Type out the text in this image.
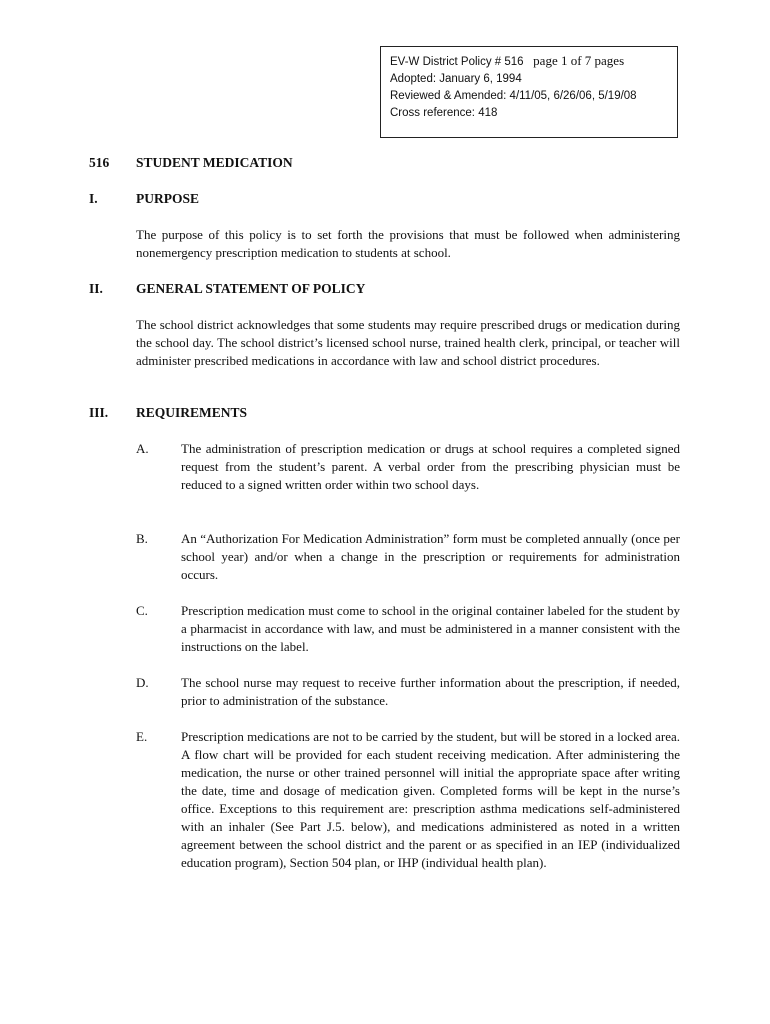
EV-W District Policy # 516 page 1 of 7 pages
Adopted: January 6, 1994
Reviewed & Amended: 4/11/05, 6/26/06, 5/19/08
Cross reference: 418
516 STUDENT MEDICATION
I.	PURPOSE
The purpose of this policy is to set forth the provisions that must be followed when administering nonemergency prescription medication to students at school.
II. GENERAL STATEMENT OF POLICY
The school district acknowledges that some students may require prescribed drugs or medication during the school day. The school district’s licensed school nurse, trained health clerk, principal, or teacher will administer prescribed medications in accordance with law and school district procedures.
III. REQUIREMENTS
A. The administration of prescription medication or drugs at school requires a completed signed request from the student’s parent. A verbal order from the prescribing physician must be reduced to a signed written order within two school days.
B.	An “Authorization For Medication Administration” form must be completed annually (once per school year) and/or when a change in the prescription or requirements for administration occurs.
C.	Prescription medication must come to school in the original container labeled for the student by a pharmacist in accordance with law, and must be administered in a manner consistent with the instructions on the label.
D. The school nurse may request to receive further information about the prescription, if needed, prior to administration of the substance.
E.	Prescription medications are not to be carried by the student, but will be stored in a locked area. A flow chart will be provided for each student receiving medication. After administering the medication, the nurse or other trained personnel will initial the appropriate space after writing the date, time and dosage of medication given. Completed forms will be kept in the nurse’s office. Exceptions to this requirement are: prescription asthma medications self-administered with an inhaler (See Part J.5. below), and medications administered as noted in a written agreement between the school district and the parent or as specified in an IEP (individualized education program), Section 504 plan, or IHP (individual health plan).
